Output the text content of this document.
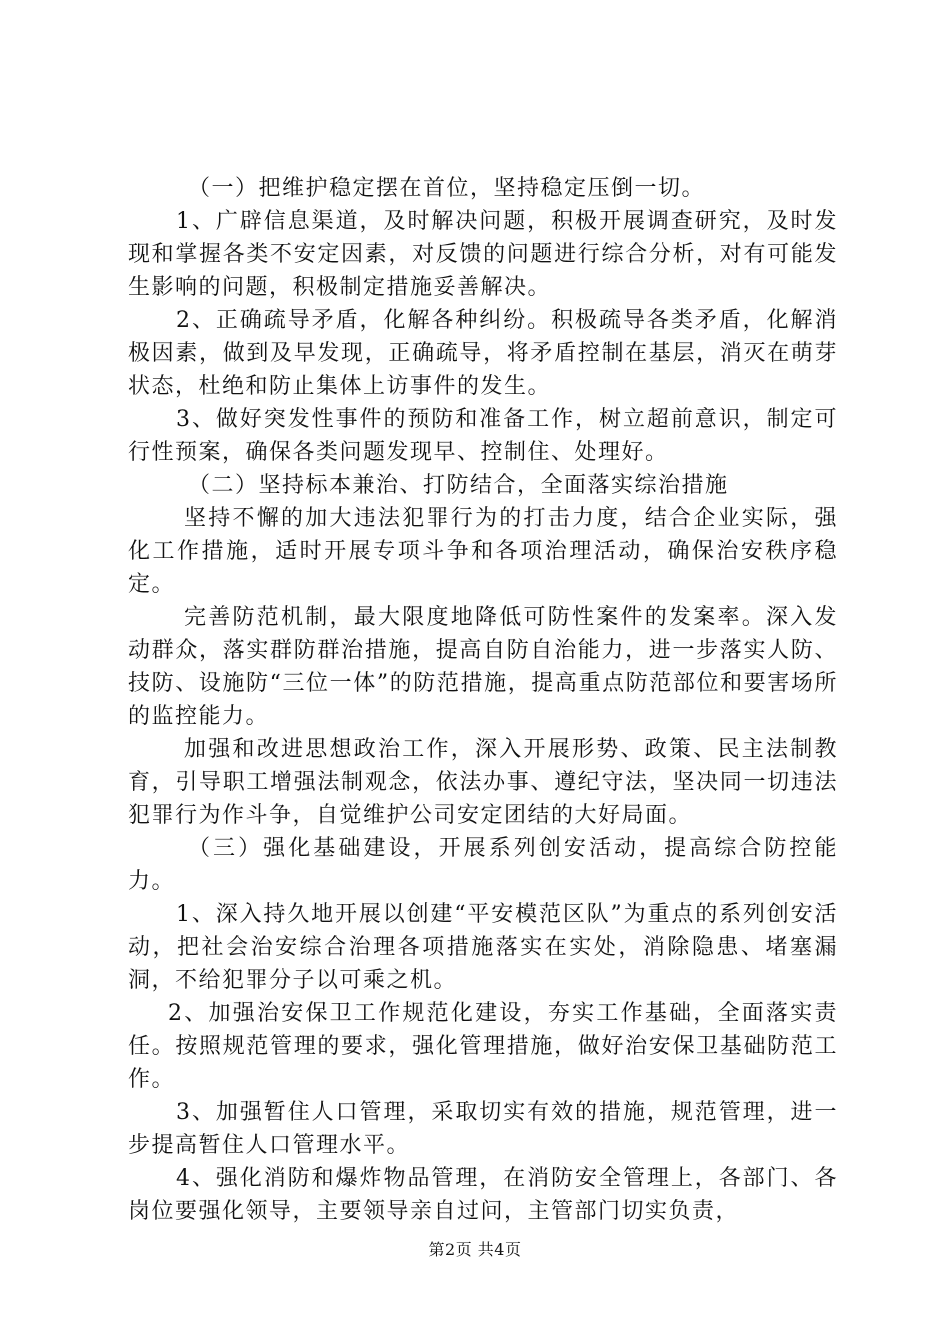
（一）把维护稳定摆在首位，坚持稳定压倒一切。

1、广辟信息渠道，及时解决问题，积极开展调查研究，及时发现和掌握各类不安定因素，对反馈的问题进行综合分析，对有可能发生影响的问题，积极制定措施妥善解决。

2、正确疏导矛盾，化解各种纠纷。积极疏导各类矛盾，化解消极因素，做到及早发现，正确疏导，将矛盾控制在基层，消灭在萌芽状态，杜绝和防止集体上访事件的发生。

3、做好突发性事件的预防和准备工作，树立超前意识，制定可行性预案，确保各类问题发现早、控制住、处理好。

（二）坚持标本兼治、打防结合，全面落实综治措施

坚持不懈的加大违法犯罪行为的打击力度，结合企业实际，强化工作措施，适时开展专项斗争和各项治理活动，确保治安秩序稳定。

完善防范机制，最大限度地降低可防性案件的发案率。深入发动群众，落实群防群治措施，提高自防自治能力，进一步落实人防、技防、设施防“三位一体”的防范措施，提高重点防范部位和要害场所的监控能力。

加强和改进思想政治工作，深入开展形势、政策、民主法制教育，引导职工增强法制观念，依法办事、遵纪守法，坚决同一切违法犯罪行为作斗争，自觉维护公司安定团结的大好局面。

（三）强化基础建设，开展系列创安活动，提高综合防控能力。

1、深入持久地开展以创建“平安模范区队”为重点的系列创安活动，把社会治安综合治理各项措施落实在实处，消除隐患、堵塞漏洞，不给犯罪分子以可乘之机。

2、加强治安保卫工作规范化建设，夯实工作基础，全面落实责任。按照规范管理的要求，强化管理措施，做好治安保卫基础防范工作。

3、加强暂住人口管理，采取切实有效的措施，规范管理，进一步提高暂住人口管理水平。

4、强化消防和爆炸物品管理，在消防安全管理上，各部门、各岗位要强化领导，主要领导亲自过问，主管部门切实负责，

第2页 共4页
